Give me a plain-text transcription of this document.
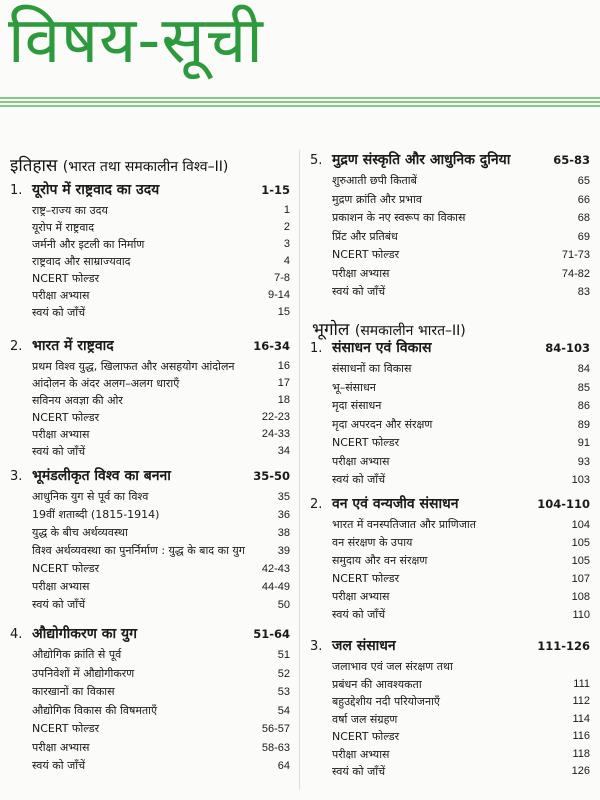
विषय-सूची
इतिहास (भारत तथा समकालीन विश्व–II)
भूगोल (समकालीन भारत–II)
1. यूरोप में राष्ट्रवाद का उदय	1-15
राष्ट्र–राज्य का उदय	1
यूरोप में राष्ट्रवाद	2
जर्मनी और इटली का निर्माण	3
राष्ट्रवाद और साम्राज्यवाद	4
NCERT फोल्डर	7-8
परीक्षा अभ्यास	9-14
स्वयं को जाँचें	15
2. भारत में राष्ट्रवाद	16-34
प्रथम विश्व युद्ध, खिलाफत और असहयोग आंदोलन	16
आंदोलन के अंदर अलग–अलग धाराएँ	17
सविनय अवज्ञा की ओर	18
NCERT फोल्डर	22-23
परीक्षा अभ्यास	24-33
स्वयं को जाँचें	34
3. भूमंडलीकृत विश्व का बनना	35-50
आधुनिक युग से पूर्व का विश्व	35
19वीं शताब्दी (1815-1914)	36
युद्ध के बीच अर्थव्यवस्था	38
विश्व अर्थव्यवस्था का पुनर्निर्माण : युद्ध के बाद का युग	39
NCERT फोल्डर	42-43
परीक्षा अभ्यास	44-49
स्वयं को जाँचें	50
4. औद्योगीकरण का युग	51-64
औद्योगिक क्रांति से पूर्व	51
उपनिवेशों में औद्योगीकरण	52
कारखानों का विकास	53
औद्योगिक विकास की विषमताएँ	54
NCERT फोल्डर	56-57
परीक्षा अभ्यास	58-63
स्वयं को जाँचें	64
5. मुद्रण संस्कृति और आधुनिक दुनिया	65-83
शुरुआती छपी किताबें	65
मुद्रण क्रांति और प्रभाव	66
प्रकाशन के नए स्वरूप का विकास	68
प्रिंट और प्रतिबंध	69
NCERT फोल्डर	71-73
परीक्षा अभ्यास	74-82
स्वयं को जाँचें	83
1. संसाधन एवं विकास	84-103
संसाधनों का विकास	84
भू–संसाधन	85
मृदा संसाधन	86
मृदा अपरदन और संरक्षण	89
NCERT फोल्डर	91
परीक्षा अभ्यास	93
स्वयं को जाँचें	103
2. वन एवं वन्यजीव संसाधन	104-110
भारत में वनस्पतिजात और प्राणिजात	104
वन संरक्षण के उपाय	105
समुदाय और वन संरक्षण	105
NCERT फोल्डर	107
परीक्षा अभ्यास	108
स्वयं को जाँचें	110
3. जल संसाधन	111-126
जलाभाव एवं जल संरक्षण तथा
प्रबंधन की आवश्यकता	111
बहुउद्देशीय नदी परियोजनाएँ	112
वर्षा जल संग्रहण	114
NCERT फोल्डर	116
परीक्षा अभ्यास	118
स्वयं को जाँचें	126
